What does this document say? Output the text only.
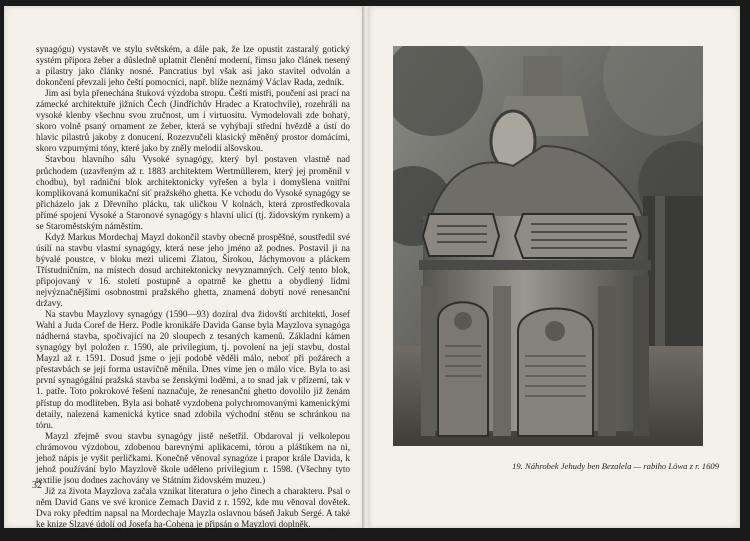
synagógu) vystavět ve stylu světském, a dále pak, že lze opustit zastaralý gotický systém příporа žeber a důsledně uplatnit členění moderní, římsu jako článek nesený a pilastry jako články nosné. Pancratius byl však asi jako stavitel odvolán a dokončení převzali jeho čeští pomocníci, např. blíže neznámý Václav Rada, zedník.

Jim asi byla přenechána štuková výzdoba stropu. Čeští mistři, poučení asi prací na zámecké architektuře jižních Čech (Jindřichův Hradec a Kratochvíle), rozehráli na vysoké klenby všechnu svou zručnost, um i virtuositu. Vymodelovali zde bohatý, skoro volně psaný ornament ze žeber, která se vyhýbají střední hvězdě a ústí do hlavic pilastrů jakoby z donucení. Rozezvučeli klasický měněný prostor domácími, skoro vzpurnými tóny, které jako by zněly melodií alšovskou.

Stavbou hlavního sálu Vysoké synagógy, který byl postaven vlastně nad průchodem (uzavřeným až r. 1883 architektem Wertmüllerem, který jej proměnil v chodbu), byl radniční blok architektonicky vyřešen a byla i domyšlena vnitřní komplikovaná komunikační síť pražského ghetta. Ke vchodu do Vysoké synagógy se přicházelo jak z Dřevního plácku, tak uličkou V kolnách, která zprostředkovala přímé spojení Vysoké a Staronové synagógy s hlavní ulicí (tj. židovským rynkem) a se Staroměstským náměstím.

Když Markus Mordechaj Mayzl dokončil stavby obecně prospěšné, soustředil své úsilí na stavbu vlastní synagógy, která nese jeho jméno až podnes. Postavil ji na bývalé poustce, v bloku mezi ulicemi Zlatou, Širokou, Jáchymovou a pláckem Třístudničním, na místech dosud architektonicky nevyznamných. Celý tento blok, připojovaný v 16. století postupně a opatrně ke ghettu a obydlený lidmi nejvýznačnějšími osobnostmi pražského ghetta, znamená dobytí nové renesanční državy.

Na stavbu Mayzlovy synagógy (1590—93) dozíral dva židovští architekti, Josef Wahl a Juda Coref de Herz. Podle kronikáře Davida Ganse byla Mayzlova synagóga nádherná stavba, spočívající na 20 sloupech z tesaných kamenů. Základní kámen synagógy byl položen r. 1590, ale privilegium, tj. povolení na její stavbu, dostal Mayzl až r. 1591. Dosud jsme o její podobě věděli málo, neboť při požárech a přestavbách se její forma ustavičně měnila. Dnes víme jen o málo více. Byla to asi první synagógální pražská stavba se ženskými loděmi, a to snad jak v přízemí, tak v 1. patře. Toto pokrokové řešení naznačuje, že renesanční ghetto dovolilo již ženám přístup do modliteben. Byla asi bohatě vyzdobena polychromovanými kamenickými detaily, nalezená kamenická kytice snad zdobila východní stěnu se schránkou na tóru.

Mayzl zřejmě svou stavbu synagógy jistě nešetřil. Obdaroval ji velkolepou chrámovou výzdobou, zdobenou barevnými aplikacemi, tórou a pláštíkem na ni, jehož nápis je vyšit perličkami. Konečně věnoval synagóze i prapor krále Davida, k jehož používání bylo Mayzlově škole uděleno privilegium r. 1598. (Všechny tyto textilie jsou dodnes zachovány ve Státním židovském muzeu.)

Již za života Mayzlova začala vznikat literatura o jeho činech a charakteru. Psal o něm David Gans ve své kronice Zemach David z r. 1592, kde mu věnoval dovětek. Dva roky předtím napsal na Mordechaje Mayzla oslavnou báseň Jakub Sergé. A také ke knize Slzavé údolí od Josefa ha-Cohena je připsán o Mayzlovi doplněk.

Postava Mordechaje Mayzla se vřadila do věnce starých pověstí pražských, neboť

32
19. Náhrobek Jehudy ben Bezalela — rabiho Löwa z r. 1609
